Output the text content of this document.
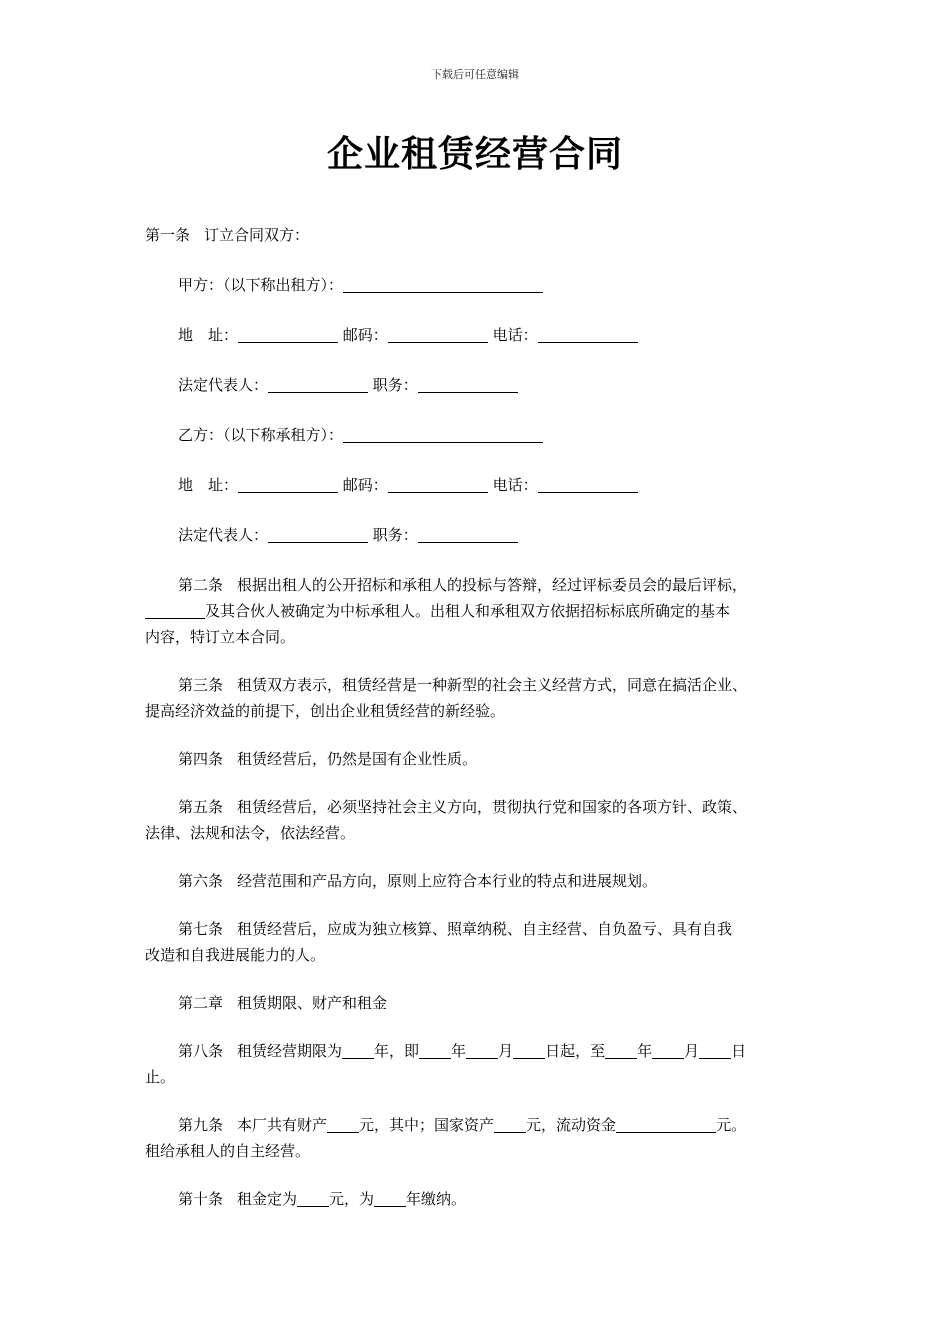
下载后可任意编辑
企业租赁经营合同

第一条 订立合同双方：

甲方：（以下称出租方）：

地　址：	邮码：	电话：

法定代表人：	职务：

乙方：（以下称承租方）：

地　址：	邮码：	电话：

法定代表人：	职务：

第二条 根据出租人的公开招标和承租人的投标与答辩，经过评标委员会的最后评标，

及其合伙人被确定为中标承租人。出租人和承租双方依据招标标底所确定的基本

内容，特订立本合同。

第三条 租赁双方表示，租赁经营是一种新型的社会主义经营方式，同意在搞活企业、

提高经济效益的前提下，创出企业租赁经营的新经验。

第四条 租赁经营后，仍然是国有企业性质。

第五条 租赁经营后，必须坚持社会主义方向，贯彻执行党和国家的各项方针、政策、

法律、法规和法令，依法经营。

第六条 经营范围和产品方向，原则上应符合本行业的特点和进展规划。

第七条 租赁经营后，应成为独立核算、照章纳税、自主经营、自负盈亏、具有自我

改造和自我进展能力的人。

第二章 租赁期限、财产和租金

第八条 租赁经营期限为 年，即 年 月 日起，至 年 月 日

止。

第九条 本厂共有财产 元，其中；国家资产 元，流动资金	元。

租给承租人的自主经营。

第十条 租金定为 元，为 年缴纳。
